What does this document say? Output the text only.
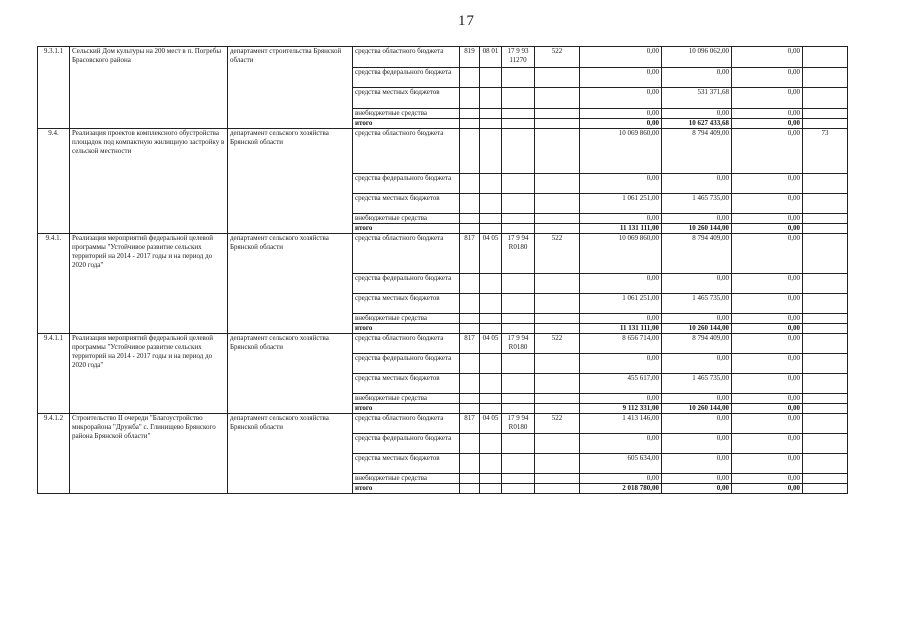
17
9.3.1.1	Сельский Дом культуры на 200 мест в п. Погребы Брасовского района	департамент строительства Брянской области	средства областного бюджета	819	08 01	17 9 93 11270	522	0,00	10 096 062,00	0,00	
			средства федерального бюджета					0,00	0,00	0,00	
			средства местных бюджетов					0,00	531 371,68	0,00	
			внебюджетные средства					0,00	0,00	0,00	
			итого					0,00	10 627 433,68	0,00	
9.4.	Реализация проектов комплексного обустройства площадок под компактную жилищную застройку в сельской местности	департамент сельского хозяйства Брянской области	средства областного бюджета					10 069 860,00	8 794 409,00	0,00	73
			средства федерального бюджета					0,00	0,00	0,00	
			средства местных бюджетов					1 061 251,00	1 465 735,00	0,00	
			внебюджетные средства					0,00	0,00	0,00	
			итого					11 131 111,00	10 260 144,00	0,00	
9.4.1.	Реализация мероприятий федеральной целевой программы "Устойчивое развитие сельских территорий на 2014 - 2017 годы и на период до 2020 года"	департамент сельского хозяйства Брянской области	средства областного бюджета	817	04 05	17 9 94 R0180	522	10 069 860,00	8 794 409,00	0,00	
			средства федерального бюджета					0,00	0,00	0,00	
			средства местных бюджетов					1 061 251,00	1 465 735,00	0,00	
			внебюджетные средства					0,00	0,00	0,00	
			итого					11 131 111,00	10 260 144,00	0,00	
9.4.1.1	Реализация мероприятий федеральной целевой программы "Устойчивое развитие сельских территорий на 2014 - 2017 годы и на период до 2020 года"	департамент сельского хозяйства Брянской области	средства областного бюджета	817	04 05	17 9 94 R0180	522	8 656 714,00	8 794 409,00	0,00	
			средства федерального бюджета					0,00	0,00	0,00	
			средства местных бюджетов					455 617,00	1 465 735,00	0,00	
			внебюджетные средства					0,00	0,00	0,00	
			итого					9 112 331,00	10 260 144,00	0,00	
9.4.1.2	Строительство II очереди "Благоустройство микрорайона "Дружба" с. Глинищево Брянского района Брянской области"	департамент сельского хозяйства Брянской области	средства областного бюджета	817	04 05	17 9 94 R0180	522	1 413 146,00	0,00	0,00	
			средства федерального бюджета					0,00	0,00	0,00	
			средства местных бюджетов					605 634,00	0,00	0,00	
			внебюджетные средства					0,00	0,00	0,00	
			итого					2 018 780,00	0,00	0,00	
